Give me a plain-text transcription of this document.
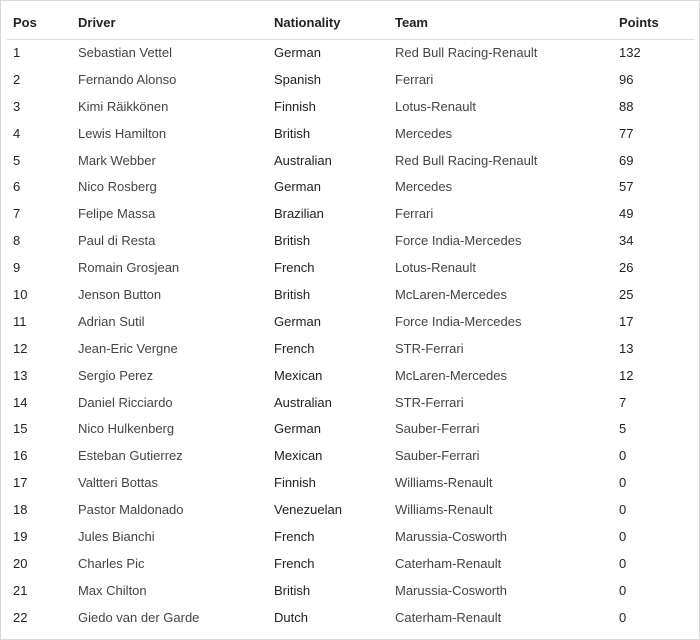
Pos	Driver	Nationality	Team	Points
1	Sebastian Vettel	German	Red Bull Racing-Renault	132
2	Fernando Alonso	Spanish	Ferrari	96
3	Kimi Räikkönen	Finnish	Lotus-Renault	88
4	Lewis Hamilton	British	Mercedes	77
5	Mark Webber	Australian	Red Bull Racing-Renault	69
6	Nico Rosberg	German	Mercedes	57
7	Felipe Massa	Brazilian	Ferrari	49
8	Paul di Resta	British	Force India-Mercedes	34
9	Romain Grosjean	French	Lotus-Renault	26
10	Jenson Button	British	McLaren-Mercedes	25
11	Adrian Sutil	German	Force India-Mercedes	17
12	Jean-Eric Vergne	French	STR-Ferrari	13
13	Sergio Perez	Mexican	McLaren-Mercedes	12
14	Daniel Ricciardo	Australian	STR-Ferrari	7
15	Nico Hulkenberg	German	Sauber-Ferrari	5
16	Esteban Gutierrez	Mexican	Sauber-Ferrari	0
17	Valtteri Bottas	Finnish	Williams-Renault	0
18	Pastor Maldonado	Venezuelan	Williams-Renault	0
19	Jules Bianchi	French	Marussia-Cosworth	0
20	Charles Pic	French	Caterham-Renault	0
21	Max Chilton	British	Marussia-Cosworth	0
22	Giedo van der Garde	Dutch	Caterham-Renault	0
